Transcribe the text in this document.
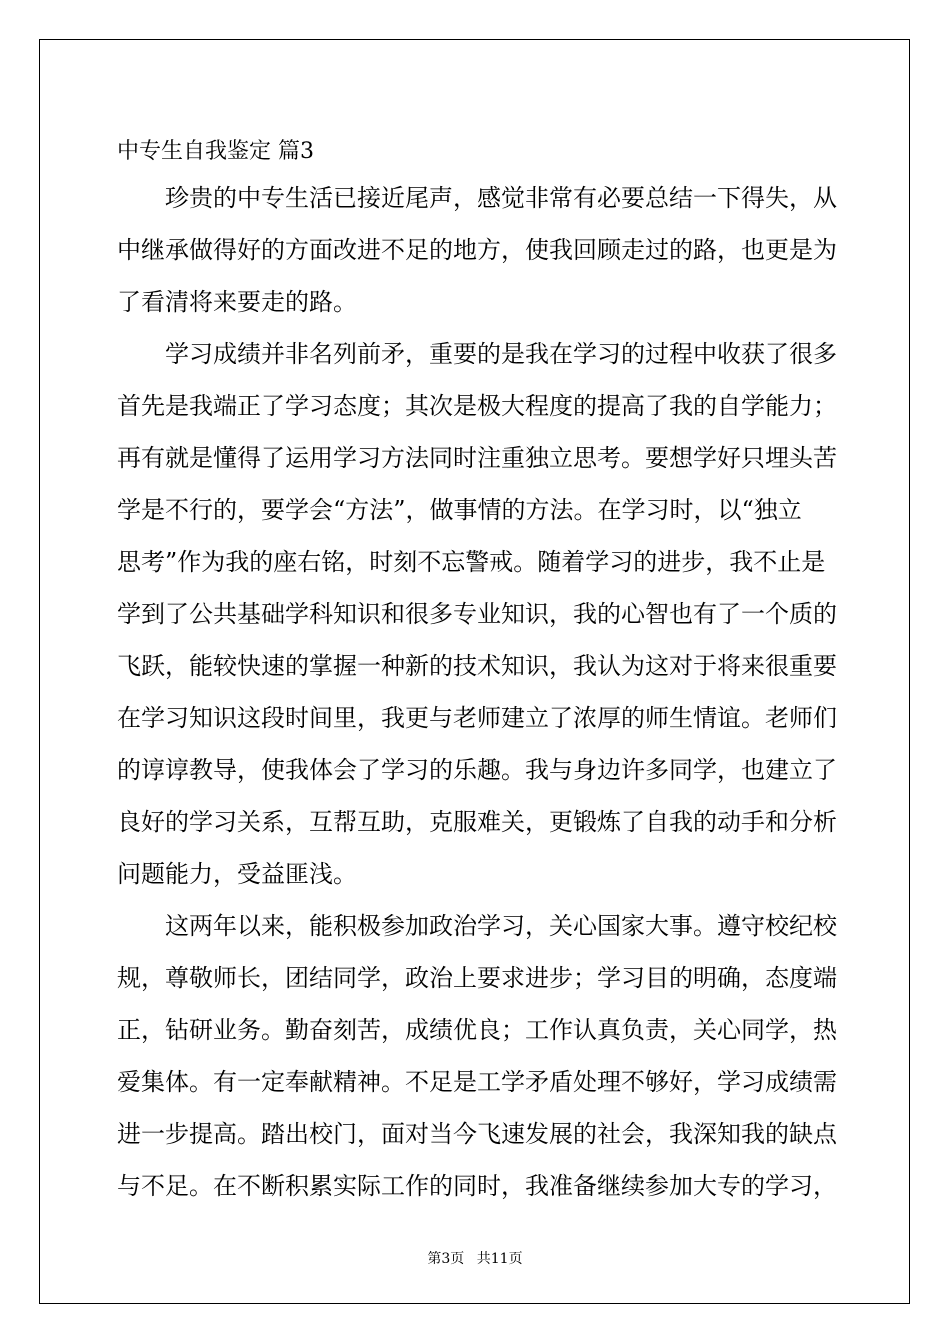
中专生自我鉴定 篇3
珍贵的中专生活已接近尾声，感觉非常有必要总结一下得失，从
中继承做得好的方面改进不足的地方，使我回顾走过的路，也更是为
了看清将来要走的路。
学习成绩并非名列前矛，重要的是我在学习的过程中收获了很多
首先是我端正了学习态度；其次是极大程度的提高了我的自学能力；
再有就是懂得了运用学习方法同时注重独立思考。要想学好只埋头苦
学是不行的，要学会“方法”，做事情的方法。在学习时，以“独立
思考”作为我的座右铭，时刻不忘警戒。随着学习的进步，我不止是
学到了公共基础学科知识和很多专业知识，我的心智也有了一个质的
飞跃，能较快速的掌握一种新的技术知识，我认为这对于将来很重要
在学习知识这段时间里，我更与老师建立了浓厚的师生情谊。老师们
的谆谆教导，使我体会了学习的乐趣。我与身边许多同学，也建立了
良好的学习关系，互帮互助，克服难关，更锻炼了自我的动手和分析
问题能力，受益匪浅。
这两年以来，能积极参加政治学习，关心国家大事。遵守校纪校
规，尊敬师长，团结同学，政治上要求进步；学习目的明确，态度端
正，钻研业务。勤奋刻苦，成绩优良；工作认真负责，关心同学，热
爱集体。有一定奉献精神。不足是工学矛盾处理不够好，学习成绩需
进一步提高。踏出校门，面对当今飞速发展的社会，我深知我的缺点
与不足。在不断积累实际工作的同时，我准备继续参加大专的学习，
第3页 共11页
